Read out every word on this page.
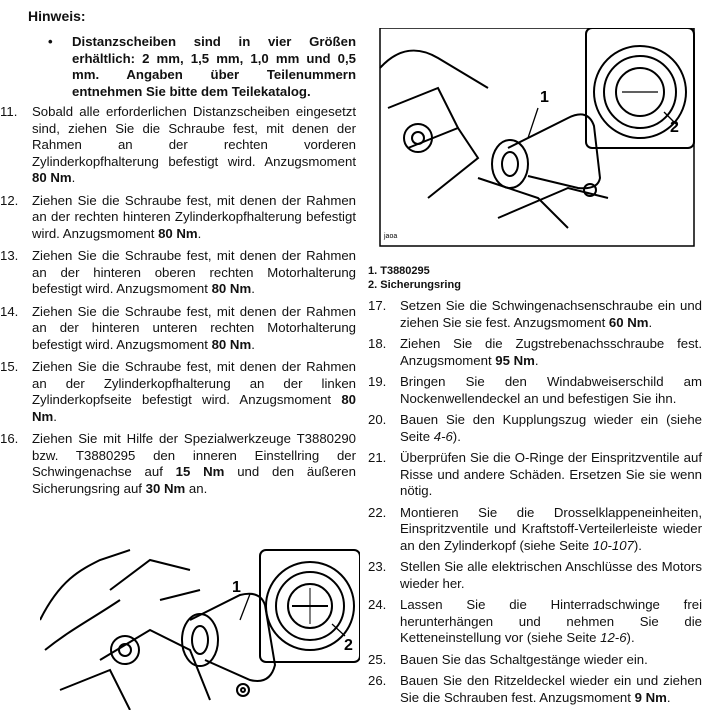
Hinweis:
• Distanzscheiben sind in vier Größen erhältlich: 2 mm, 1,5 mm, 1,0 mm und 0,5 mm. Angaben über Teilenummern entnehmen Sie bitte dem Teilekatalog.
11. Sobald alle erforderlichen Distanzscheiben eingesetzt sind, ziehen Sie die Schraube fest, mit denen der Rahmen an der rechten vorderen Zylinderkopfhalterung befestigt wird. Anzugsmoment 80 Nm.
12. Ziehen Sie die Schraube fest, mit denen der Rahmen an der rechten hinteren Zylinderkopfhalterung befestigt wird. Anzugsmoment 80 Nm.
13. Ziehen Sie die Schraube fest, mit denen der Rahmen an der hinteren oberen rechten Motorhalterung befestigt wird. Anzugsmoment 80 Nm.
14. Ziehen Sie die Schraube fest, mit denen der Rahmen an der hinteren unteren rechten Motorhalterung befestigt wird. Anzugsmoment 80 Nm.
15. Ziehen Sie die Schraube fest, mit denen der Rahmen an der Zylinderkopfhalterung an der linken Zylinderkopfseite befestigt wird. Anzugsmoment 80 Nm.
16. Ziehen Sie mit Hilfe der Spezialwerkzeuge T3880290 bzw. T3880295 den inneren Einstellring der Schwingenachse auf 15 Nm und den äußeren Sicherungsring auf 30 Nm an.
1
2
1
2
jaoa
1. T3880295
2. Sicherungsring
17. Setzen Sie die Schwingenachsenschraube ein und ziehen Sie sie fest. Anzugsmoment 60 Nm.
18. Ziehen Sie die Zugstrebenachsschraube fest. Anzugsmoment 95 Nm.
19. Bringen Sie den Windabweiserschild am Nockenwellendeckel an und befestigen Sie ihn.
20. Bauen Sie den Kupplungszug wieder ein (siehe Seite 4-6).
21. Überprüfen Sie die O-Ringe der Einspritzventile auf Risse und andere Schäden. Ersetzen Sie sie wenn nötig.
22. Montieren Sie die Drosselklappeneinheiten, Einspritzventile und Kraftstoff-Verteilerleiste wieder an den Zylinderkopf (siehe Seite 10-107).
23. Stellen Sie alle elektrischen Anschlüsse des Motors wieder her.
24. Lassen Sie die Hinterradschwinge frei herunterhängen und nehmen Sie die Ketteneinstellung vor (siehe Seite 12-6).
25. Bauen Sie das Schaltgestänge wieder ein.
26. Bauen Sie den Ritzeldeckel wieder ein und ziehen Sie die Schrauben fest. Anzugsmoment 9 Nm.
